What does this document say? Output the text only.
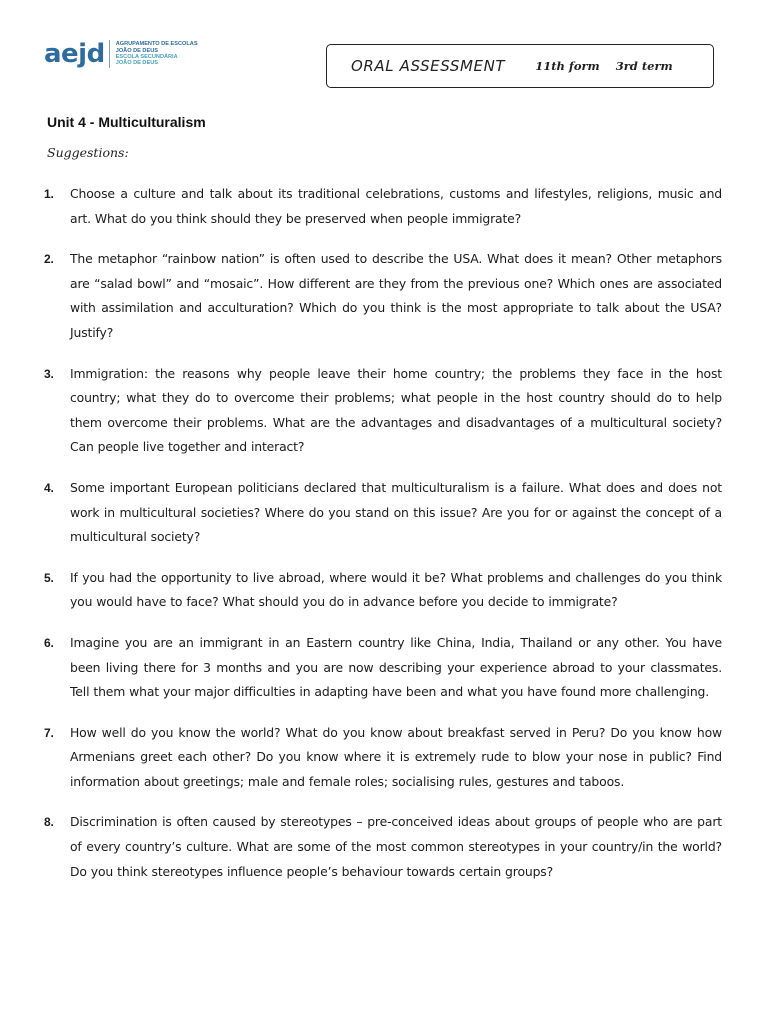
aejd AGRUPAMENTO DE ESCOLAS
JOÃO DE DEUS
ESCOLA SECUNDÁRIA
JOÃO DE DEUS	ORAL ASSESSMENT	11th form 3rd term
Unit 4 - Multiculturalism
Suggestions:
1. Choose a culture and talk about its traditional celebrations, customs and lifestyles, religions, music and art. What do you think should they be preserved when people immigrate?
2. The metaphor “rainbow nation” is often used to describe the USA. What does it mean? Other metaphors are “salad bowl” and “mosaic”. How different are they from the previous one? Which ones are associated with assimilation and acculturation? Which do you think is the most appropriate to talk about the USA? Justify?
3. Immigration: the reasons why people leave their home country; the problems they face in the host country; what they do to overcome their problems; what people in the host country should do to help them overcome their problems. What are the advantages and disadvantages of a multicultural society? Can people live together and interact?
4. Some important European politicians declared that multiculturalism is a failure. What does and does not work in multicultural societies? Where do you stand on this issue? Are you for or against the concept of a multicultural society?
5. If you had the opportunity to live abroad, where would it be? What problems and challenges do you think you would have to face? What should you do in advance before you decide to immigrate?
6. Imagine you are an immigrant in an Eastern country like China, India, Thailand or any other. You have been living there for 3 months and you are now describing your experience abroad to your classmates. Tell them what your major difficulties in adapting have been and what you have found more challenging.
7. How well do you know the world? What do you know about breakfast served in Peru? Do you know how Armenians greet each other? Do you know where it is extremely rude to blow your nose in public? Find information about greetings; male and female roles; socialising rules, gestures and taboos.
8. Discrimination is often caused by stereotypes – pre-conceived ideas about groups of people who are part of every country’s culture. What are some of the most common stereotypes in your country/in the world? Do you think stereotypes influence people’s behaviour towards certain groups?
